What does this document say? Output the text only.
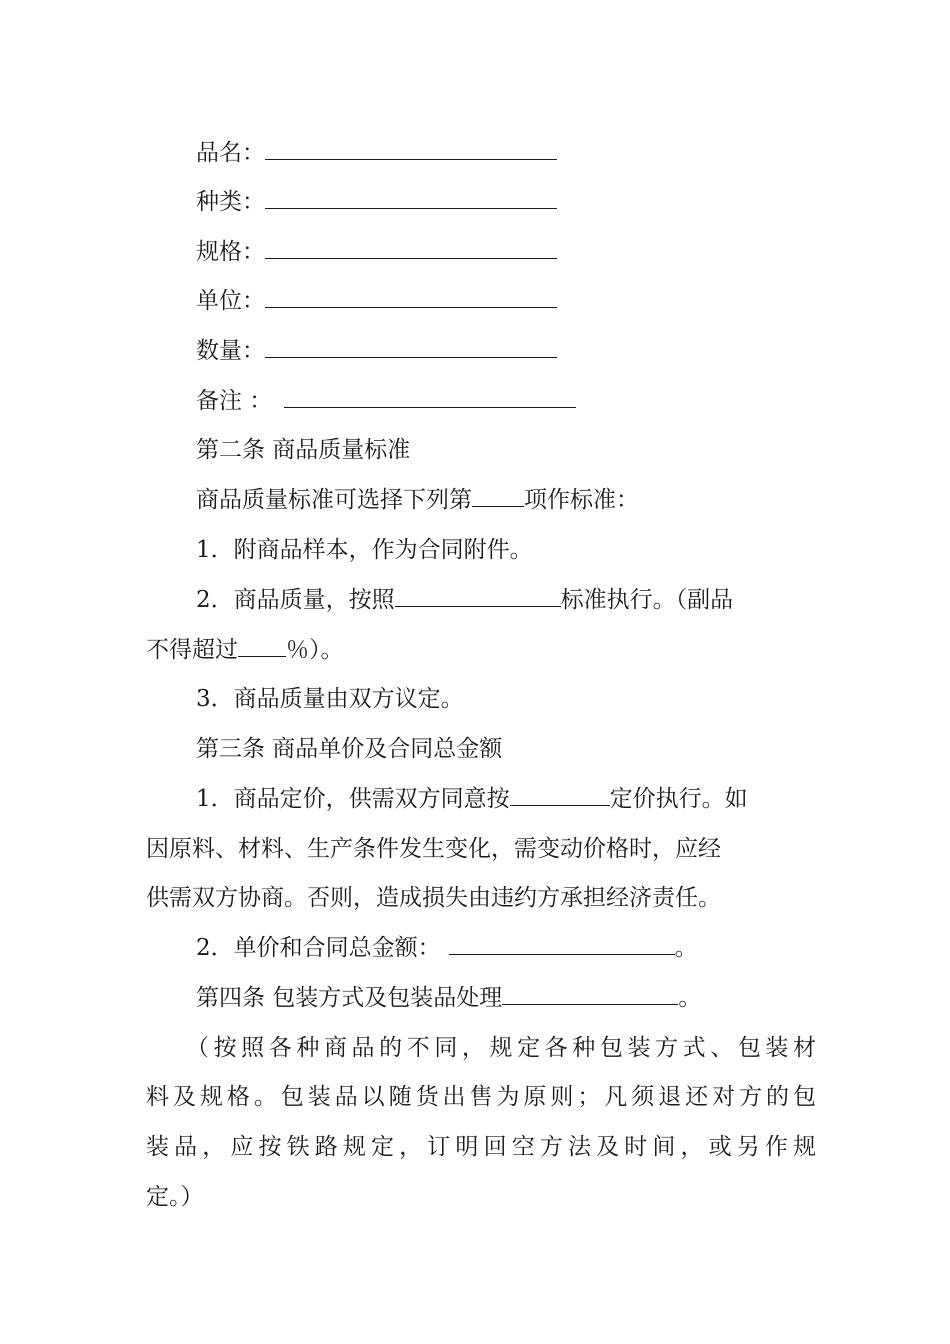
品名：
种类：
规格：
单位：
数量：
备注 ：
第二条 商品质量标准
商品质量标准可选择下列第 项作标准：
1．附商品样本，作为合同附件。
2．商品质量，按照	标准执行。（副品
不得超过 ％）。
3．商品质量由双方议定。
第三条 商品单价及合同总金额
1．商品定价，供需双方同意按	定价执行。如
因原料、材料、生产条件发生变化，需变动价格时，应经
供需双方协商。否则，造成损失由违约方承担经济责任。
2．单价和合同总金额：	。
第四条 包装方式及包装品处理	。
（按照各种商品的不同，规定各种包装方式、包装材
料及规格。包装品以随货出售为原则；凡须退还对方的包
装品，应按铁路规定，订明回空方法及时间，或另作规
定。）
